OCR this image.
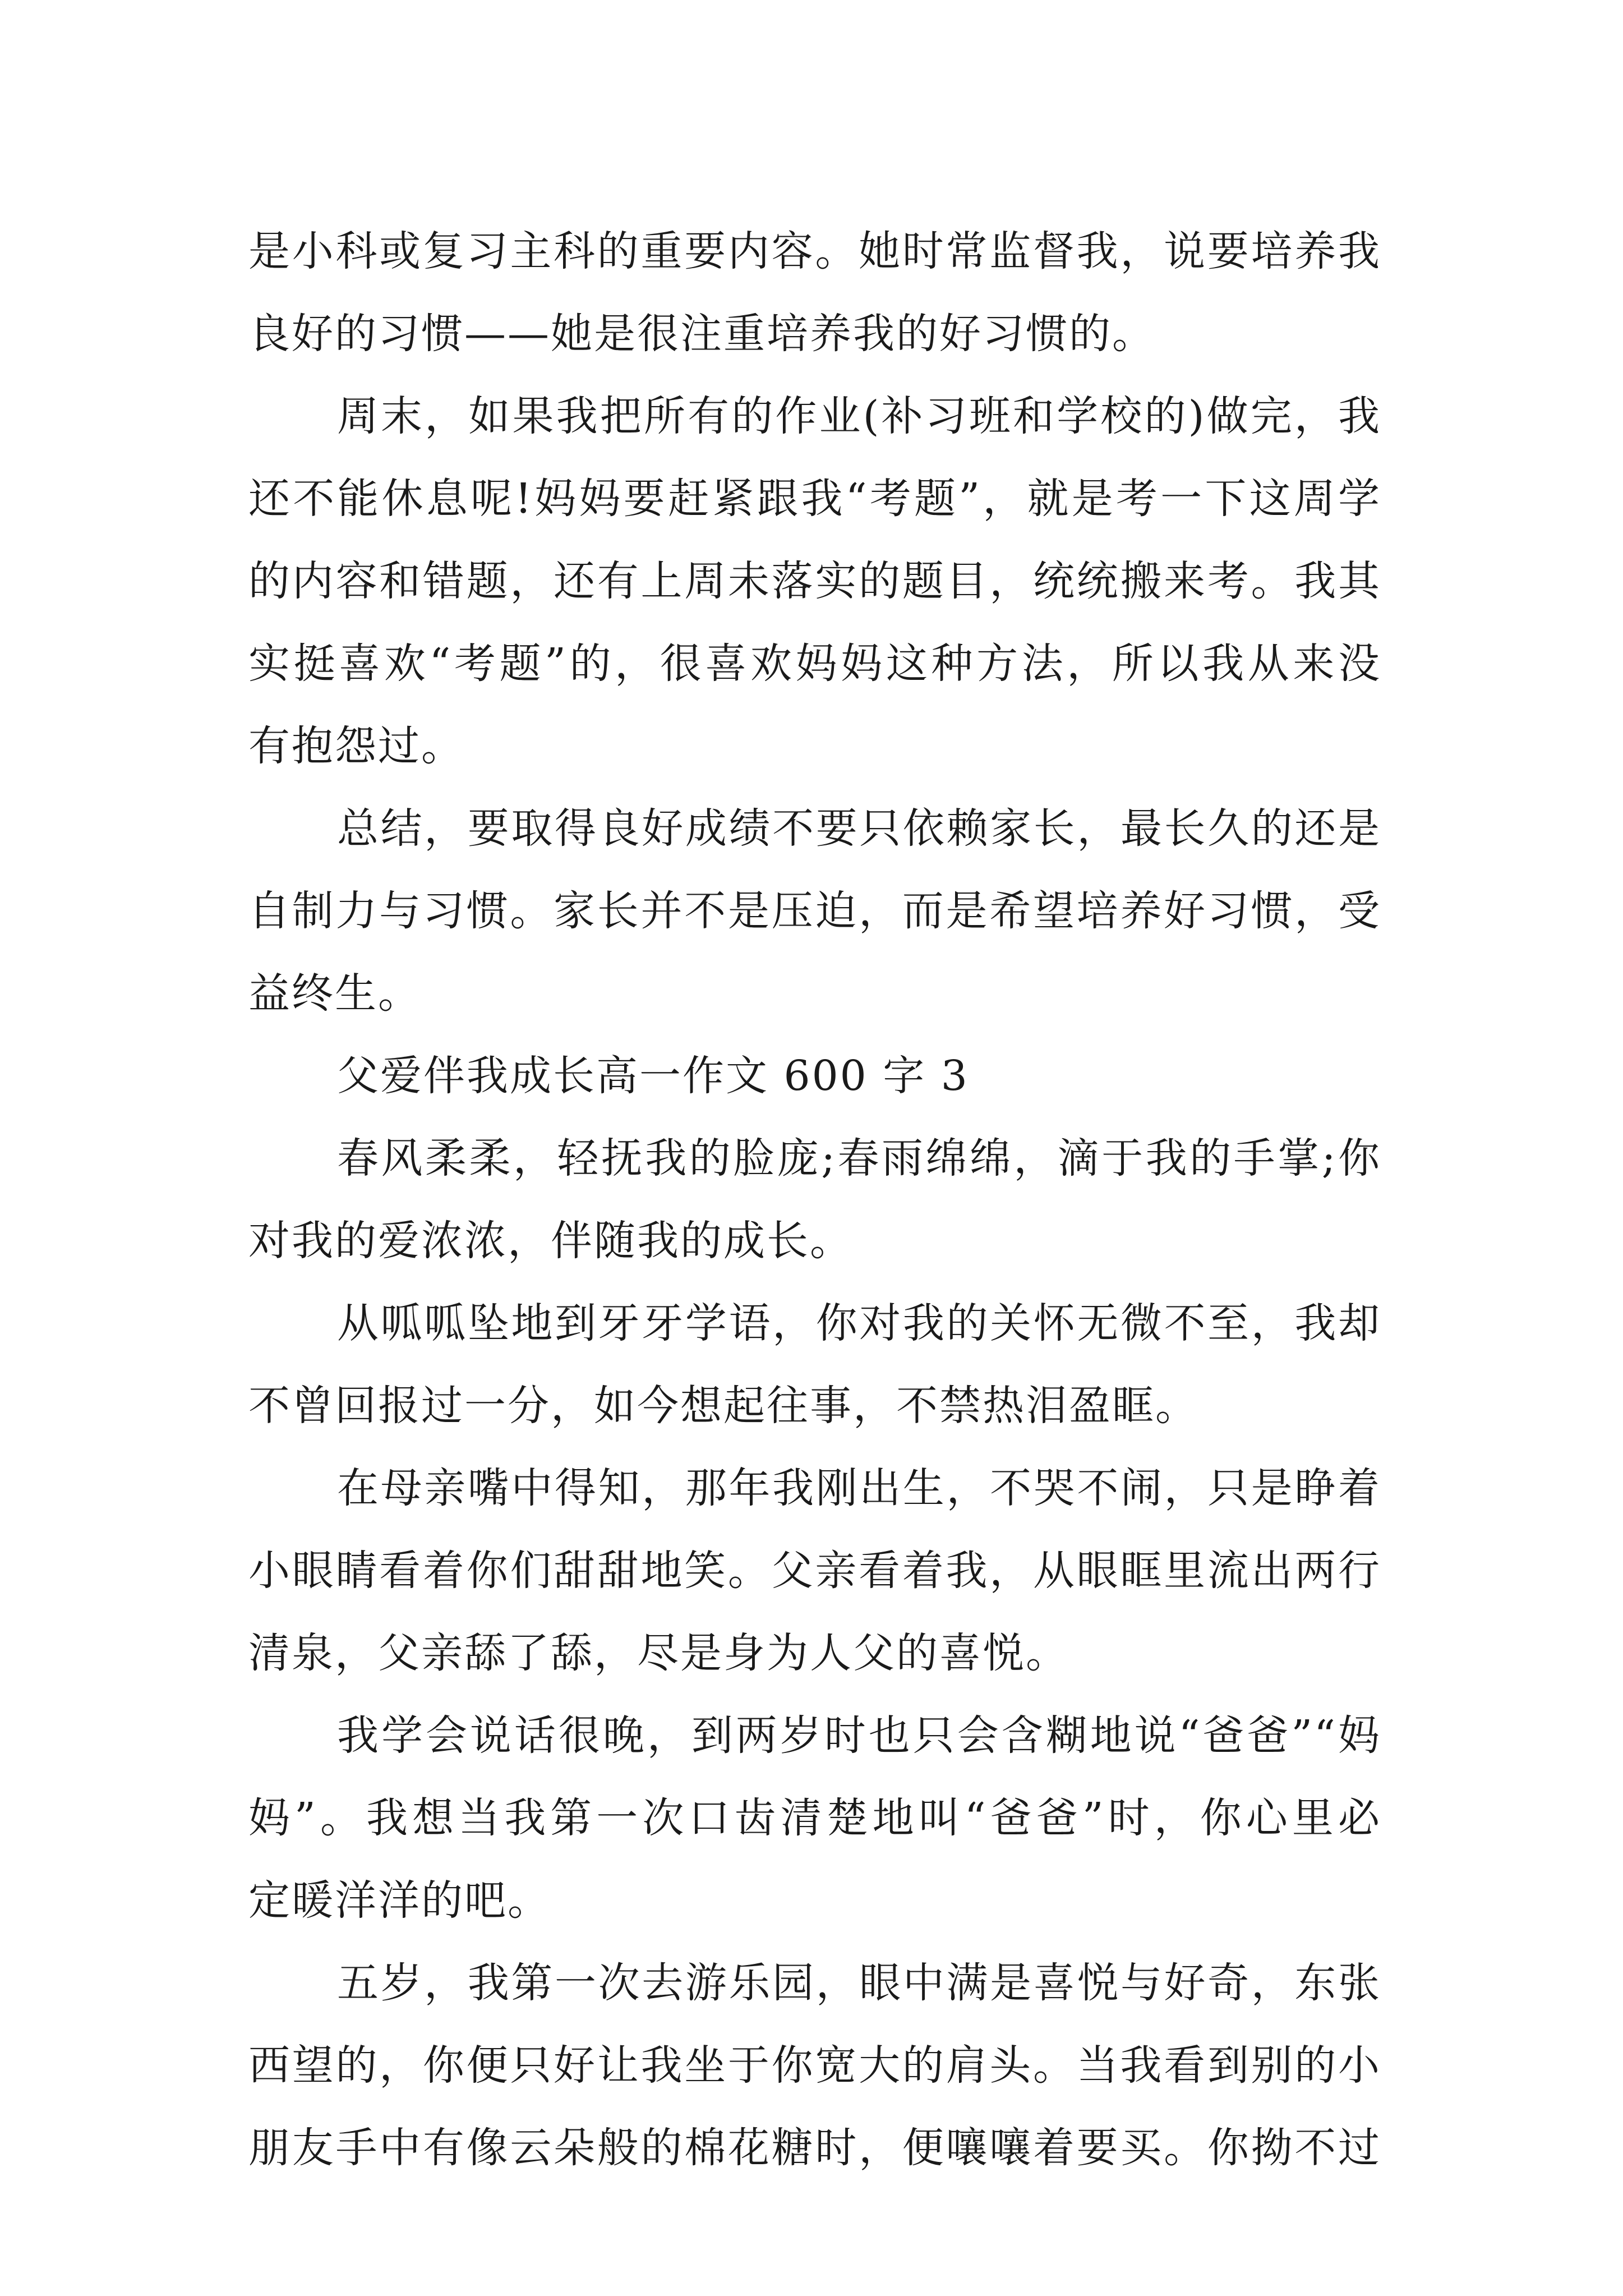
是小科或复习主科的重要内容。她时常监督我，说要培养我
良好的习惯——她是很注重培养我的好习惯的。
周末，如果我把所有的作业(补习班和学校的)做完，我
还不能休息呢!妈妈要赶紧跟我“考题”，就是考一下这周学
的内容和错题，还有上周未落实的题目，统统搬来考。我其
实挺喜欢“考题”的，很喜欢妈妈这种方法，所以我从来没
有抱怨过。
总结，要取得良好成绩不要只依赖家长，最长久的还是
自制力与习惯。家长并不是压迫，而是希望培养好习惯，受
益终生。
父爱伴我成长高一作文 600 字 3
春风柔柔，轻抚我的脸庞;春雨绵绵，滴于我的手掌;你
对我的爱浓浓，伴随我的成长。
从呱呱坠地到牙牙学语，你对我的关怀无微不至，我却
不曾回报过一分，如今想起往事，不禁热泪盈眶。
在母亲嘴中得知，那年我刚出生，不哭不闹，只是睁着
小眼睛看着你们甜甜地笑。父亲看着我，从眼眶里流出两行
清泉，父亲舔了舔，尽是身为人父的喜悦。
我学会说话很晚，到两岁时也只会含糊地说“爸爸”“妈
妈”。我想当我第一次口齿清楚地叫“爸爸”时，你心里必
定暖洋洋的吧。
五岁，我第一次去游乐园，眼中满是喜悦与好奇，东张
西望的，你便只好让我坐于你宽大的肩头。当我看到别的小
朋友手中有像云朵般的棉花糖时，便嚷嚷着要买。你拗不过
